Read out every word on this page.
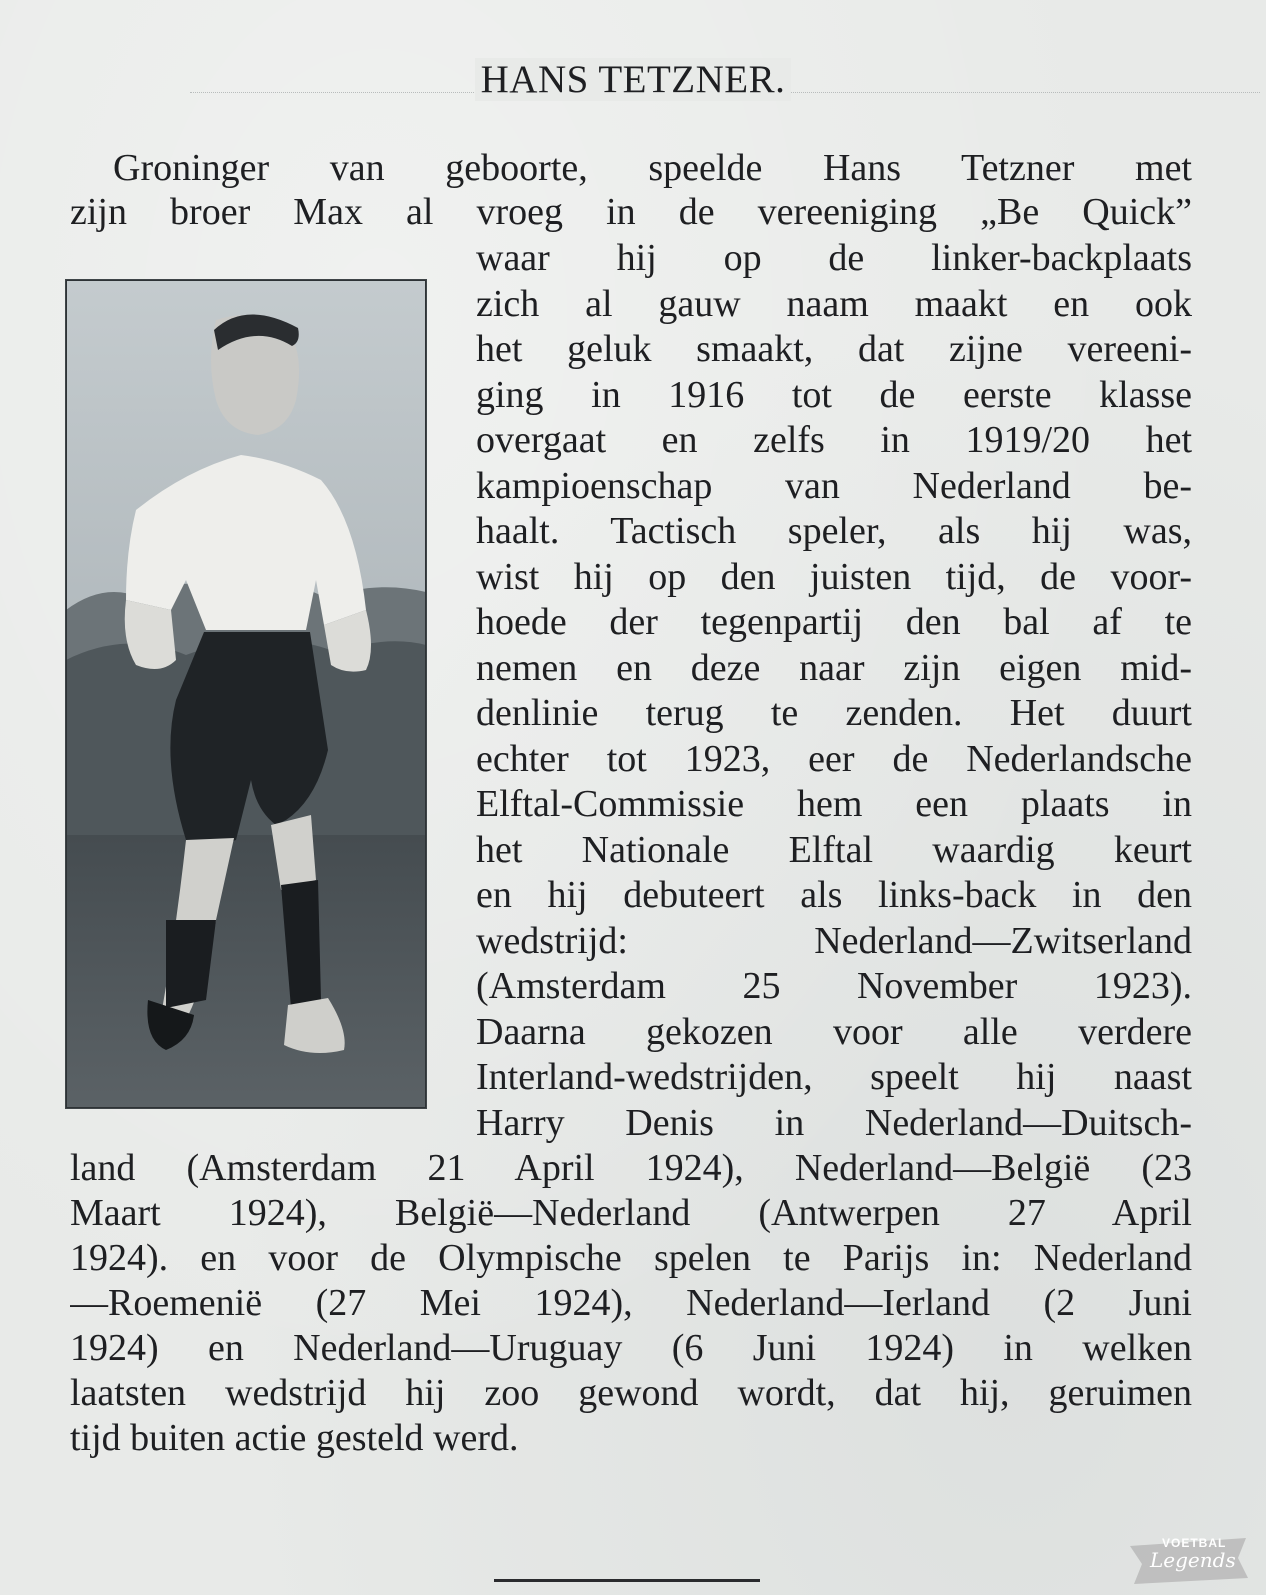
HANS TETZNER.
Groninger van geboorte, speelde Hans Tetzner met
zijn broer Max al vroeg in de vereeniging „Be Quick”
waar hij op de linker-backplaats
zich al gauw naam maakt en ook
het geluk smaakt, dat zijne vereeni-
ging in 1916 tot de eerste klasse
overgaat en zelfs in 1919/20 het
kampioenschap van Nederland be-
haalt. Tactisch speler, als hij was,
wist hij op den juisten tijd, de voor-
hoede der tegenpartij den bal af te
nemen en deze naar zijn eigen mid-
denlinie terug te zenden. Het duurt
echter tot 1923, eer de Nederlandsche
Elftal-Commissie hem een plaats in
het Nationale Elftal waardig keurt
en hij debuteert als links-back in den
wedstrijd: Nederland—Zwitserland
(Amsterdam 25 November 1923).
Daarna gekozen voor alle verdere
Interland-wedstrijden, speelt hij naast
Harry Denis in Nederland—Duitsch-
land (Amsterdam 21 April 1924), Nederland—België (23
Maart 1924), België—Nederland (Antwerpen 27 April
1924). en voor de Olympische spelen te Parijs in: Nederland
—Roemenië (27 Mei 1924), Nederland—Ierland (2 Juni
1924) en Nederland—Uruguay (6 Juni 1924) in welken
laatsten wedstrijd hij zoo gewond wordt, dat hij, geruimen
tijd buiten actie gesteld werd.
VOETBAL
Legends
